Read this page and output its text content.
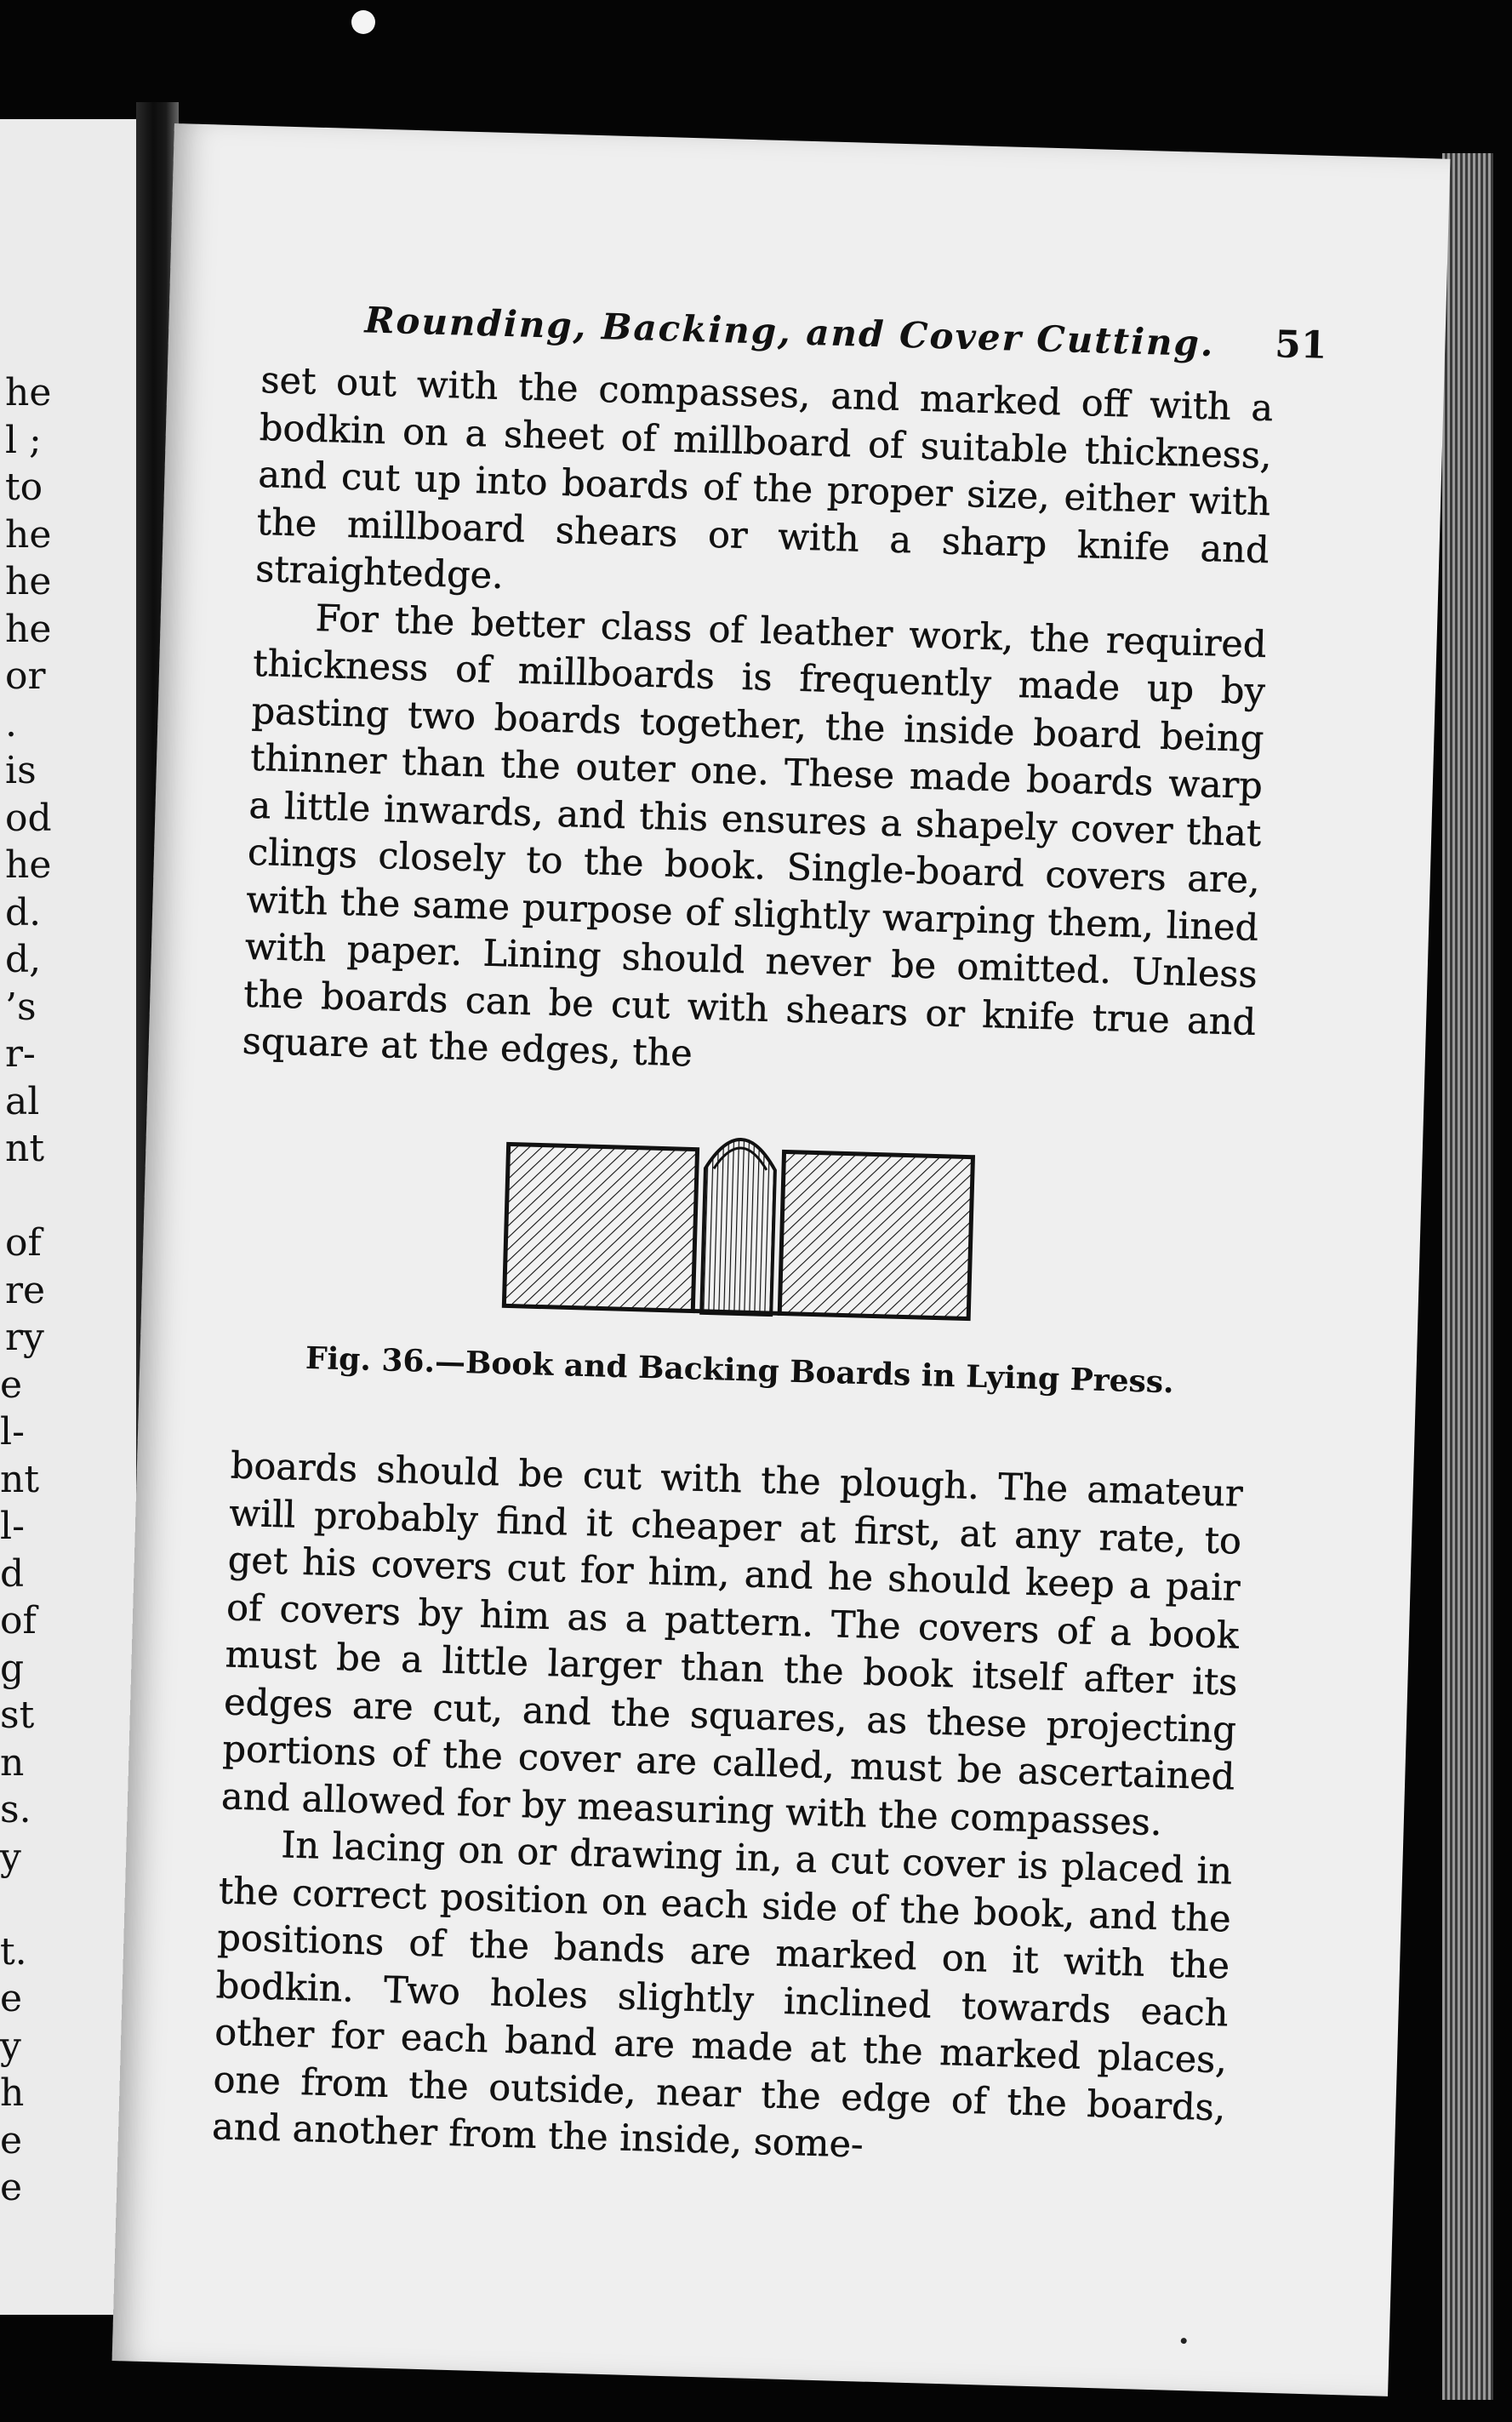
he
l ;
to
he
he
he
or
.
is
od
he
d.
d,
’s
r-
al
nt
of
re
ry
e
l-
nt
l-
d
of
g
st
n
s.
y
t.
e
y
h
e
e
Rounding, Backing, and Cover Cutting. 51

set out with the compasses, and marked off with a bodkin on a sheet of millboard of suitable thickness, and cut up into boards of the proper size, either with the millboard shears or with a sharp knife and straightedge.

For the better class of leather work, the required thickness of millboards is frequently made up by pasting two boards together, the inside board being thinner than the outer one. These made boards warp a little inwards, and this ensures a shapely cover that clings closely to the book. Single-board covers are, with the same purpose of slightly warping them, lined with paper. Lining should never be omitted. Unless the boards can be cut with shears or knife true and square at the edges, the

Fig. 36.—Book and Backing Boards in Lying Press.

boards should be cut with the plough. The amateur will probably find it cheaper at first, at any rate, to get his covers cut for him, and he should keep a pair of covers by him as a pattern. The covers of a book must be a little larger than the book itself after its edges are cut, and the squares, as these projecting portions of the cover are called, must be ascertained and allowed for by measuring with the compasses.

In lacing on or drawing in, a cut cover is placed in the correct position on each side of the book, and the positions of the bands are marked on it with the bodkin. Two holes slightly inclined towards each other for each band are made at the marked places, one from the outside, near the edge of the boards, and another from the inside, some-
